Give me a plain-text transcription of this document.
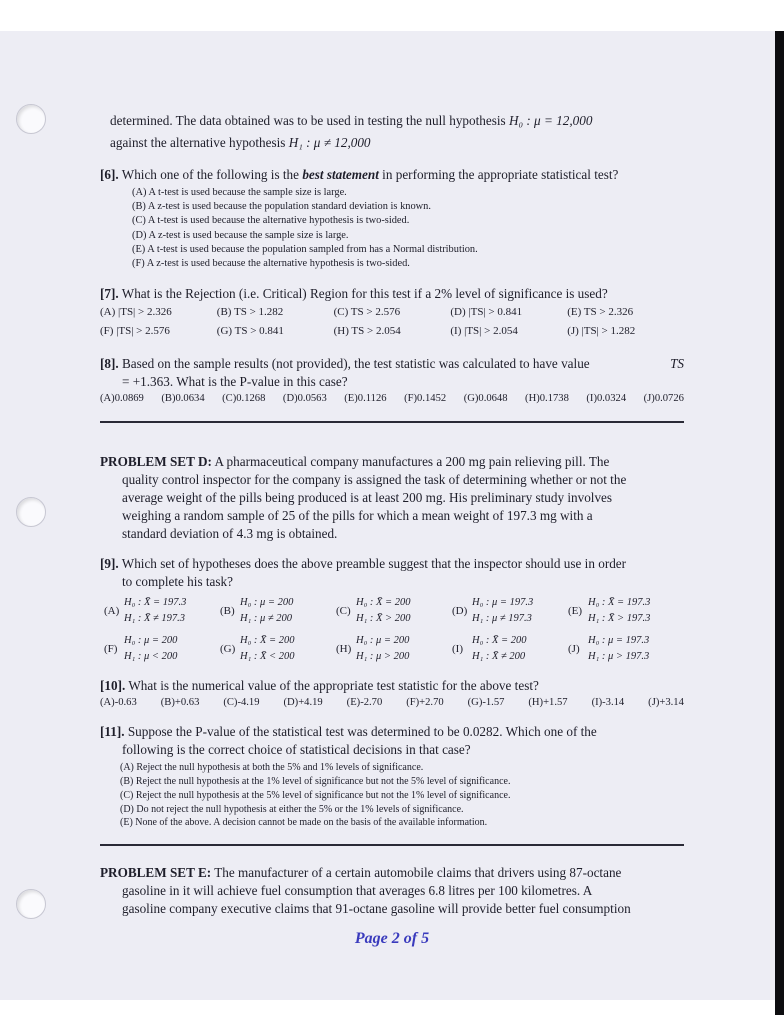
determined. The data obtained was to be used in testing the null hypothesis H₀ : μ = 12,000

against the alternative hypothesis H₁ : μ ≠ 12,000

[6]. Which one of the following is the best statement in performing the appropriate statistical test?

(A) A t-test is used because the sample size is large.
(B) A z-test is used because the population standard deviation is known.
(C) A t-test is used because the alternative hypothesis is two-sided.
(D) A z-test is used because the sample size is large.
(E) A t-test is used because the population sampled from has a Normal distribution.
(F) A z-test is used because the alternative hypothesis is two-sided.

[7]. What is the Rejection (i.e. Critical) Region for this test if a 2% level of significance is used?

(A) |TS| > 2.326	(B) TS > 1.282	(C) TS > 2.576	(D) |TS| > 0.841	(E) TS > 2.326
(F) |TS| > 2.576	(G) TS > 0.841	(H) TS > 2.054	(I) |TS| > 2.054	(J) |TS| > 1.282

[8]. Based on the sample results (not provided), the test statistic was calculated to have value	TS

= +1.363. What is the P-value in this case?

(A)0.0869 (B)0.0634 (C)0.1268 (D)0.0563 (E)0.1126 (F)0.1452 (G)0.0648 (H)0.1738 (I)0.0324 (J)0.0726

PROBLEM SET D: A pharmaceutical company manufactures a 200 mg pain relieving pill. The

quality control inspector for the company is assigned the task of determining whether or not the

average weight of the pills being produced is at least 200 mg. His preliminary study involves

weighing a random sample of 25 of the pills for which a mean weight of 197.3 mg with a

standard deviation of 4.3 mg is obtained.

[9]. Which set of hypotheses does the above preamble suggest that the inspector should use in order

to complete his task?

(A)
H₀ : X̄ = 197.3
H₁ : X̄ ≠ 197.3
(B)
H₀ : μ = 200
H₁ : μ ≠ 200
(C)
H₀ : X̄ = 200
H₁ : X̄ > 200
(D)
H₀ : μ = 197.3
H₁ : μ ≠ 197.3
(E)
H₀ : X̄ = 197.3
H₁ : X̄ > 197.3
(F)
H₀ : μ = 200
H₁ : μ < 200
(G)
H₀ : X̄ = 200
H₁ : X̄ < 200
(H)
H₀ : μ = 200
H₁ : μ > 200
(I)
H₀ : X̄ = 200
H₁ : X̄ ≠ 200
(J)
H₀ : μ = 197.3
H₁ : μ > 197.3

[10]. What is the numerical value of the appropriate test statistic for the above test?

(A)-0.63 (B)+0.63 (C)-4.19 (D)+4.19 (E)-2.70 (F)+2.70 (G)-1.57 (H)+1.57 (I)-3.14 (J)+3.14

[11]. Suppose the P-value of the statistical test was determined to be 0.0282. Which one of the

following is the correct choice of statistical decisions in that case?

(A) Reject the null hypothesis at both the 5% and 1% levels of significance.
(B) Reject the null hypothesis at the 1% level of significance but not the 5% level of significance.
(C) Reject the null hypothesis at the 5% level of significance but not the 1% level of significance.
(D) Do not reject the null hypothesis at either the 5% or the 1% levels of significance.
(E) None of the above. A decision cannot be made on the basis of the available information.

PROBLEM SET E: The manufacturer of a certain automobile claims that drivers using 87-octane

gasoline in it will achieve fuel consumption that averages 6.8 litres per 100 kilometres. A

gasoline company executive claims that 91-octane gasoline will provide better fuel consumption

Page 2 of 5
